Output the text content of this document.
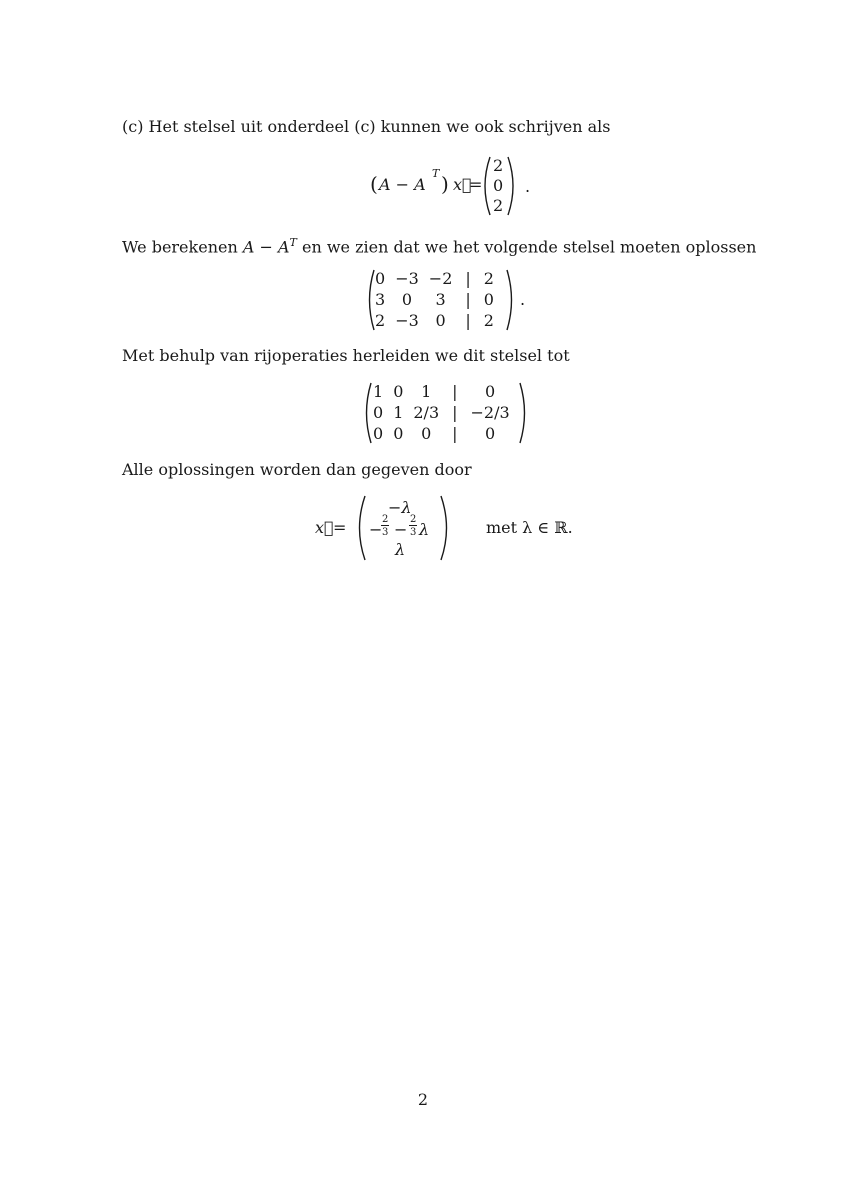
(c) Het stelsel uit onderdeel (c) kunnen we ook schrijven als
( A − A
T ) x⃗
=
2
0
2
.
We berekenen $A - A^T$ en we zien dat we het volgende stelsel moeten oplossen
0	−3	−2	|	2
3	0	3	|	0
2	−3	0	|	2
.
Met behulp van rijoperaties herleiden we dit stelsel tot
1	0	1	|	0
0	1	2/3	|	−2/3
0	0	0	|	0
Alle oplossingen worden dan gegeven door
x⃗ =
−λ
−
2
3 −
2
3 λ
λ
met λ ∈ ℝ.
2
